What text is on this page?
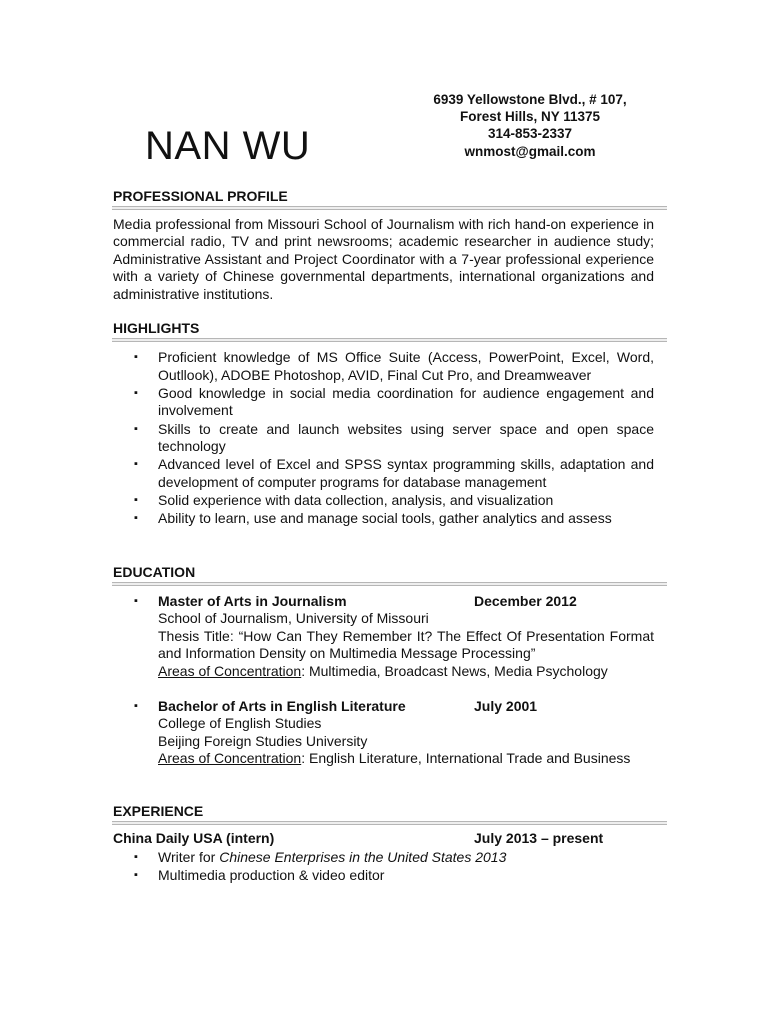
NAN WU
6939 Yellowstone Blvd., # 107,
Forest Hills, NY 11375
314-853-2337
wnmost@gmail.com
PROFESSIONAL PROFILE

Media professional from Missouri School of Journalism with rich hand-on experience in commercial radio, TV and print newsrooms; academic researcher in audience study; Administrative Assistant and Project Coordinator with a 7-year professional experience with a variety of Chinese governmental departments, international organizations and administrative institutions.

HIGHLIGHTS
▪ Proficient knowledge of MS Office Suite (Access, PowerPoint, Excel, Word, Outllook), ADOBE Photoshop, AVID, Final Cut Pro, and Dreamweaver
▪ Good knowledge in social media coordination for audience engagement and involvement
▪ Skills to create and launch websites using server space and open space technology
▪ Advanced level of Excel and SPSS syntax programming skills, adaptation and development of computer programs for database management
▪ Solid experience with data collection, analysis, and visualization
▪ Ability to learn, use and manage social tools, gather analytics and assess
EDUCATION
▪ Master of Arts in Journalism	December 2012
School of Journalism, University of Missouri
Thesis Title: “How Can They Remember It? The Effect Of Presentation Format and Information Density on Multimedia Message Processing”
Areas of Concentration: Multimedia, Broadcast News, Media Psychology
▪ Bachelor of Arts in English Literature	July 2001
College of English Studies
Beijing Foreign Studies University
Areas of Concentration: English Literature, International Trade and Business
EXPERIENCE
China Daily USA (intern)	July 2013 – present
▪ Writer for Chinese Enterprises in the United States 2013
▪ Multimedia production & video editor
